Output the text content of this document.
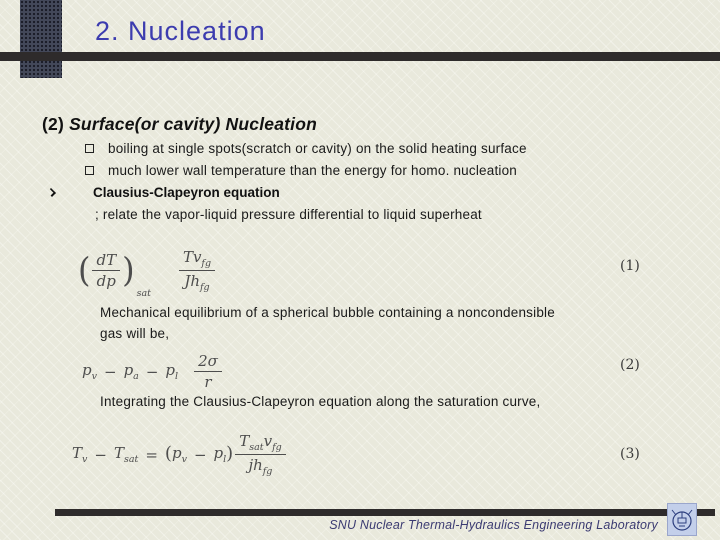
2. Nucleation
(2) Surface(or cavity) Nucleation
boiling at single spots(scratch or cavity) on the solid heating surface
much lower wall temperature than the energy for homo. nucleation
Clausius-Clapeyron equation
; relate the vapor-liquid pressure differential to liquid superheat
( $\frac{dT}{dp}$ )
sat
$\frac{Tv_{fg}}{Jh_{fg}}$	(1)
Mechanical equilibrium of a spherical bubble containing a noncondensible
gas will be,
$p_v - p_a - p_l \frac{2\sigma}{r}$	(2)
Integrating the Clausius-Clapeyron equation along the saturation curve,
$T_v - T_{sat}$ = ( $p_v - p_l$ ) $\frac{T_{sat}v_{fg}}{jh_{fg}}$	(3)
SNU Nuclear Thermal-Hydraulics Engineering Laboratory
